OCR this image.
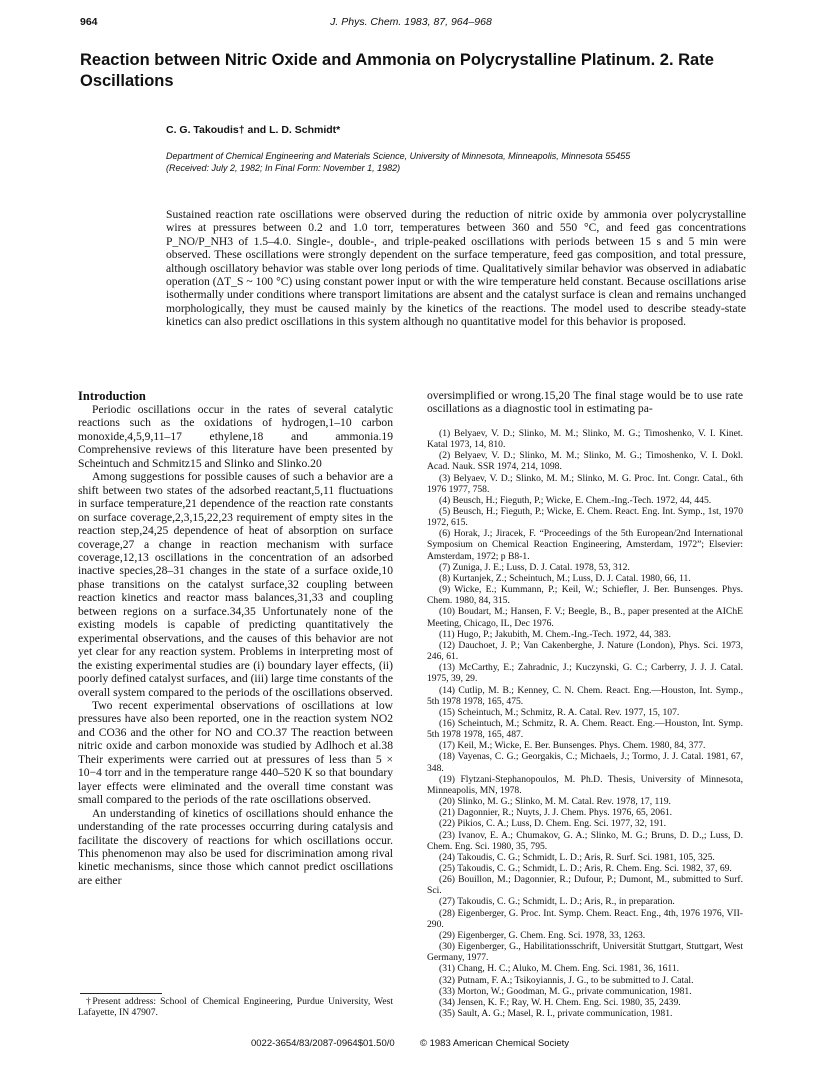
964	J. Phys. Chem. 1983, 87, 964–968
Reaction between Nitric Oxide and Ammonia on Polycrystalline Platinum. 2. Rate Oscillations
C. G. Takoudis† and L. D. Schmidt*
Department of Chemical Engineering and Materials Science, University of Minnesota, Minneapolis, Minnesota 55455
(Received: July 2, 1982; In Final Form: November 1, 1982)

Sustained reaction rate oscillations were observed during the reduction of nitric oxide by ammonia over polycrystalline wires at pressures between 0.2 and 1.0 torr, temperatures between 360 and 550 °C, and feed gas concentrations P_NO/P_NH3 of 1.5–4.0. Single-, double-, and triple-peaked oscillations with periods between 15 s and 5 min were observed. These oscillations were strongly dependent on the surface temperature, feed gas composition, and total pressure, although oscillatory behavior was stable over long periods of time. Qualitatively similar behavior was observed in adiabatic operation (ΔT_S ~ 100 °C) using constant power input or with the wire temperature held constant. Because oscillations arise isothermally under conditions where transport limitations are absent and the catalyst surface is clean and remains unchanged morphologically, they must be caused mainly by the kinetics of the reactions. The model used to describe steady-state kinetics can also predict oscillations in this system although no quantitative model for this behavior is proposed.

Introduction

Periodic oscillations occur in the rates of several catalytic reactions such as the oxidations of hydrogen,1–10 carbon monoxide,4,5,9,11–17 ethylene,18 and ammonia.19 Comprehensive reviews of this literature have been presented by Scheintuch and Schmitz15 and Slinko and Slinko.20

Among suggestions for possible causes of such a behavior are a shift between two states of the adsorbed reactant,5,11 fluctuations in surface temperature,21 dependence of the reaction rate constants on surface coverage,2,3,15,22,23 requirement of empty sites in the reaction step,24,25 dependence of heat of absorption on surface coverage,27 a change in reaction mechanism with surface coverage,12,13 oscillations in the concentration of an adsorbed inactive species,28–31 changes in the state of a surface oxide,10 phase transitions on the catalyst surface,32 coupling between reaction kinetics and reactor mass balances,31,33 and coupling between regions on a surface.34,35 Unfortunately none of the existing models is capable of predicting quantitatively the experimental observations, and the causes of this behavior are not yet clear for any reaction system. Problems in interpreting most of the existing experimental studies are (i) boundary layer effects, (ii) poorly defined catalyst surfaces, and (iii) large time constants of the overall system compared to the periods of the oscillations observed.

Two recent experimental observations of oscillations at low pressures have also been reported, one in the reaction system NO2 and CO36 and the other for NO and CO.37 The reaction between nitric oxide and carbon monoxide was studied by Adlhoch et al.38 Their experiments were carried out at pressures of less than 5 × 10−4 torr and in the temperature range 440–520 K so that boundary layer effects were eliminated and the overall time constant was small compared to the periods of the rate oscillations observed.

An understanding of kinetics of oscillations should enhance the understanding of the rate processes occurring during catalysis and facilitate the discovery of reactions for which oscillations occur. This phenomenon may also be used for discrimination among rival kinetic mechanisms, since those which cannot predict oscillations are either

oversimplified or wrong.15,20 The final stage would be to use rate oscillations as a diagnostic tool in estimating pa-

(1) Belyaev, V. D.; Slinko, M. M.; Slinko, M. G.; Timoshenko, V. I. Kinet. Katal 1973, 14, 810.

(2) Belyaev, V. D.; Slinko, M. M.; Slinko, M. G.; Timoshenko, V. I. Dokl. Acad. Nauk. SSR 1974, 214, 1098.

(3) Belyaev, V. D.; Slinko, M. M.; Slinko, M. G. Proc. Int. Congr. Catal., 6th 1976 1977, 758.

(4) Beusch, H.; Fieguth, P.; Wicke, E. Chem.-Ing.-Tech. 1972, 44, 445.

(5) Beusch, H.; Fieguth, P.; Wicke, E. Chem. React. Eng. Int. Symp., 1st, 1970 1972, 615.

(6) Horak, J.; Jiracek, F. “Proceedings of the 5th European/2nd International Symposium on Chemical Reaction Engineering, Amsterdam, 1972”; Elsevier: Amsterdam, 1972; p B8-1.

(7) Zuniga, J. E.; Luss, D. J. Catal. 1978, 53, 312.

(8) Kurtanjek, Z.; Scheintuch, M.; Luss, D. J. Catal. 1980, 66, 11.

(9) Wicke, E.; Kummann, P.; Keil, W.; Schiefler, J. Ber. Bunsenges. Phys. Chem. 1980, 84, 315.

(10) Boudart, M.; Hansen, F. V.; Beegle, B., B., paper presented at the AIChE Meeting, Chicago, IL, Dec 1976.

(11) Hugo, P.; Jakubith, M. Chem.-Ing.-Tech. 1972, 44, 383.

(12) Dauchoet, J. P.; Van Cakenberghe, J. Nature (London), Phys. Sci. 1973, 246, 61.

(13) McCarthy, E.; Zahradnic, J.; Kuczynski, G. C.; Carberry, J. J. J. Catal. 1975, 39, 29.

(14) Cutlip, M. B.; Kenney, C. N. Chem. React. Eng.—Houston, Int. Symp., 5th 1978 1978, 165, 475.

(15) Scheintuch, M.; Schmitz, R. A. Catal. Rev. 1977, 15, 107.

(16) Scheintuch, M.; Schmitz, R. A. Chem. React. Eng.—Houston, Int. Symp. 5th 1978 1978, 165, 487.

(17) Keil, M.; Wicke, E. Ber. Bunsenges. Phys. Chem. 1980, 84, 377.

(18) Vayenas, C. G.; Georgakis, C.; Michaels, J.; Tormo, J. J. Catal. 1981, 67, 348.

(19) Flytzani-Stephanopoulos, M. Ph.D. Thesis, University of Minnesota, Minneapolis, MN, 1978.

(20) Slinko, M. G.; Slinko, M. M. Catal. Rev. 1978, 17, 119.

(21) Dagonnier, R.; Nuyts, J. J. Chem. Phys. 1976, 65, 2061.

(22) Pikios, C. A.; Luss, D. Chem. Eng. Sci. 1977, 32, 191.

(23) Ivanov, E. A.; Chumakov, G. A.; Slinko, M. G.; Bruns, D. D.,; Luss, D. Chem. Eng. Sci. 1980, 35, 795.

(24) Takoudis, C. G.; Schmidt, L. D.; Aris, R. Surf. Sci. 1981, 105, 325.

(25) Takoudis, C. G.; Schmidt, L. D.; Aris, R. Chem. Eng. Sci. 1982, 37, 69.

(26) Bouillon, M.; Dagonnier, R.; Dufour, P.; Dumont, M., submitted to Surf. Sci.

(27) Takoudis, C. G.; Schmidt, L. D.; Aris, R., in preparation.

(28) Eigenberger, G. Proc. Int. Symp. Chem. React. Eng., 4th, 1976 1976, VII-290.

(29) Eigenberger, G. Chem. Eng. Sci. 1978, 33, 1263.

(30) Eigenberger, G., Habilitationsschrift, Universität Stuttgart, Stuttgart, West Germany, 1977.

(31) Chang, H. C.; Aluko, M. Chem. Eng. Sci. 1981, 36, 1611.

(32) Putnam, F. A.; Tsikoyiannis, J. G., to be submitted to J. Catal.

(33) Morton, W.; Goodman, M. G., private communication, 1981.

(34) Jensen, K. F.; Ray, W. H. Chem. Eng. Sci. 1980, 35, 2439.

(35) Sault, A. G.; Masel, R. I., private communication, 1981.

†Present address: School of Chemical Engineering, Purdue University, West Lafayette, IN 47907.
0022-3654/83/2087-0964$01.50/0	© 1983 American Chemical Society
